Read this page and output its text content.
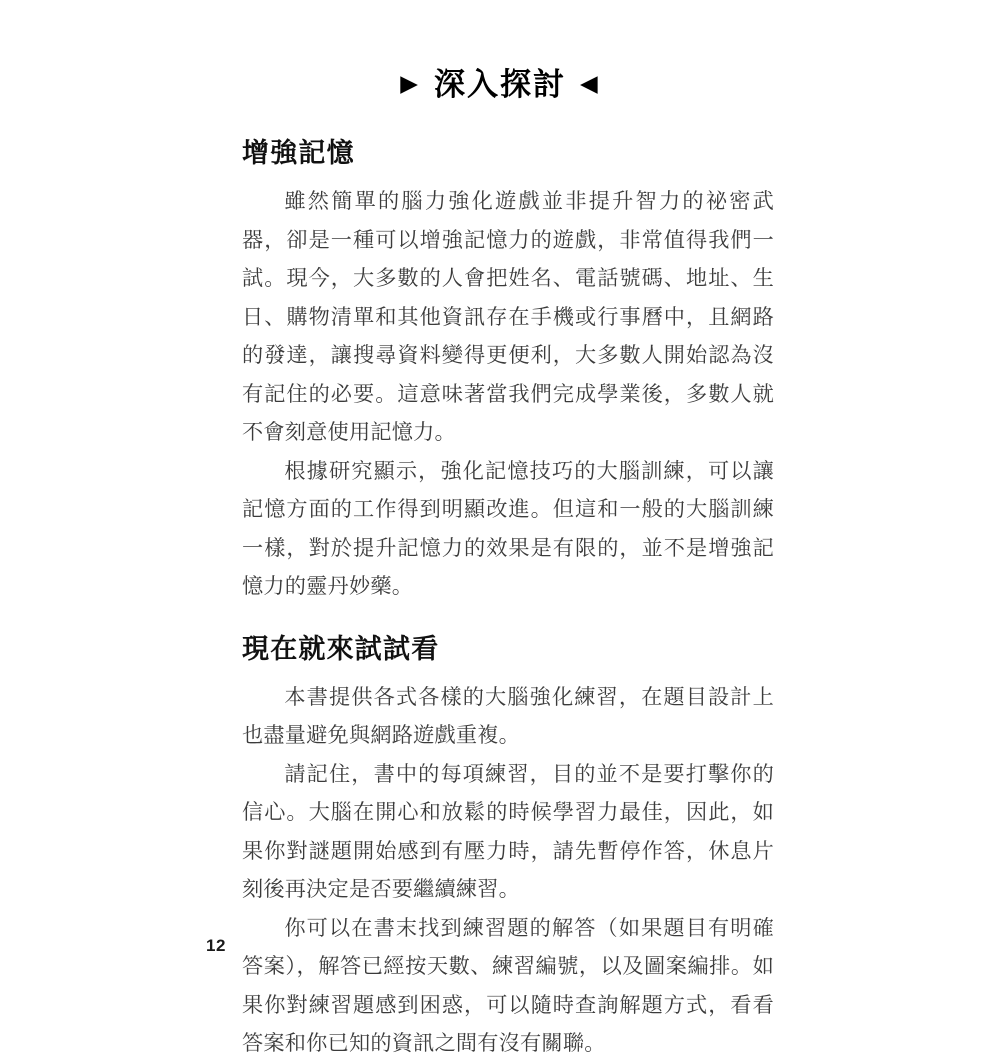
▶ 深入探討 ◀
增強記憶

雖然簡單的腦力強化遊戲並非提升智力的祕密武器，卻是一種可以增強記憶力的遊戲，非常值得我們一試。現今，大多數的人會把姓名、電話號碼、地址、生日、購物清單和其他資訊存在手機或行事曆中，且網路的發達，讓搜尋資料變得更便利，大多數人開始認為沒有記住的必要。這意味著當我們完成學業後，多數人就不會刻意使用記憶力。

根據研究顯示，強化記憶技巧的大腦訓練，可以讓記憶方面的工作得到明顯改進。但這和一般的大腦訓練一樣，對於提升記憶力的效果是有限的，並不是增強記憶力的靈丹妙藥。

現在就來試試看

本書提供各式各樣的大腦強化練習，在題目設計上也盡量避免與網路遊戲重複。

請記住，書中的每項練習，目的並不是要打擊你的信心。大腦在開心和放鬆的時候學習力最佳，因此，如果你對謎題開始感到有壓力時，請先暫停作答，休息片刻後再決定是否要繼續練習。

你可以在書末找到練習題的解答（如果題目有明確答案），解答已經按天數、練習編號，以及圖案編排。如果你對練習題感到困惑，可以隨時查詢解題方式，看看答案和你已知的資訊之間有沒有關聯。

12
